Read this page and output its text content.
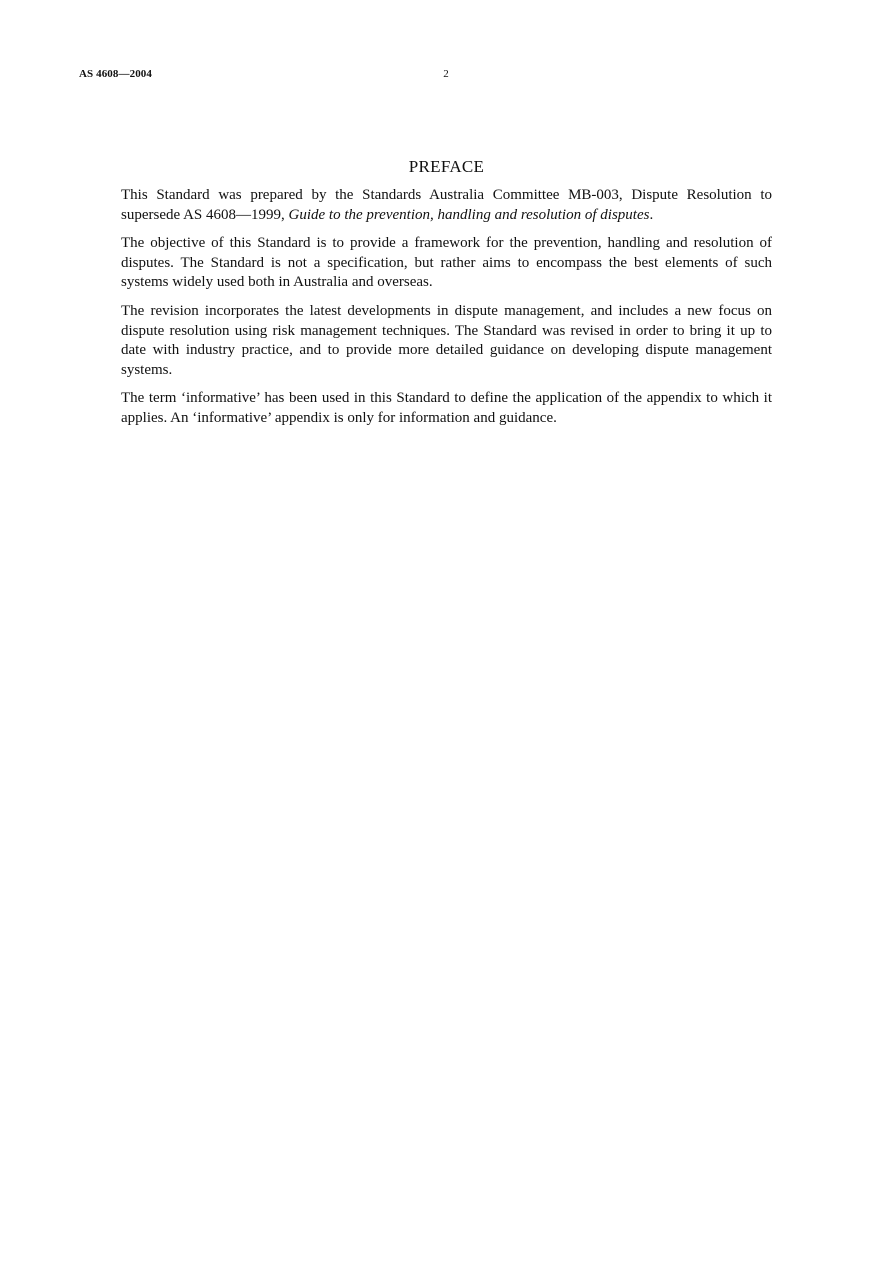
AS 4608—2004	2
PREFACE

This Standard was prepared by the Standards Australia Committee MB-003, Dispute Resolution to supersede AS 4608—1999, Guide to the prevention, handling and resolution of disputes.

The objective of this Standard is to provide a framework for the prevention, handling and resolution of disputes. The Standard is not a specification, but rather aims to encompass the best elements of such systems widely used both in Australia and overseas.

The revision incorporates the latest developments in dispute management, and includes a new focus on dispute resolution using risk management techniques. The Standard was revised in order to bring it up to date with industry practice, and to provide more detailed guidance on developing dispute management systems.

The term ‘informative’ has been used in this Standard to define the application of the appendix to which it applies. An ‘informative’ appendix is only for information and guidance.
